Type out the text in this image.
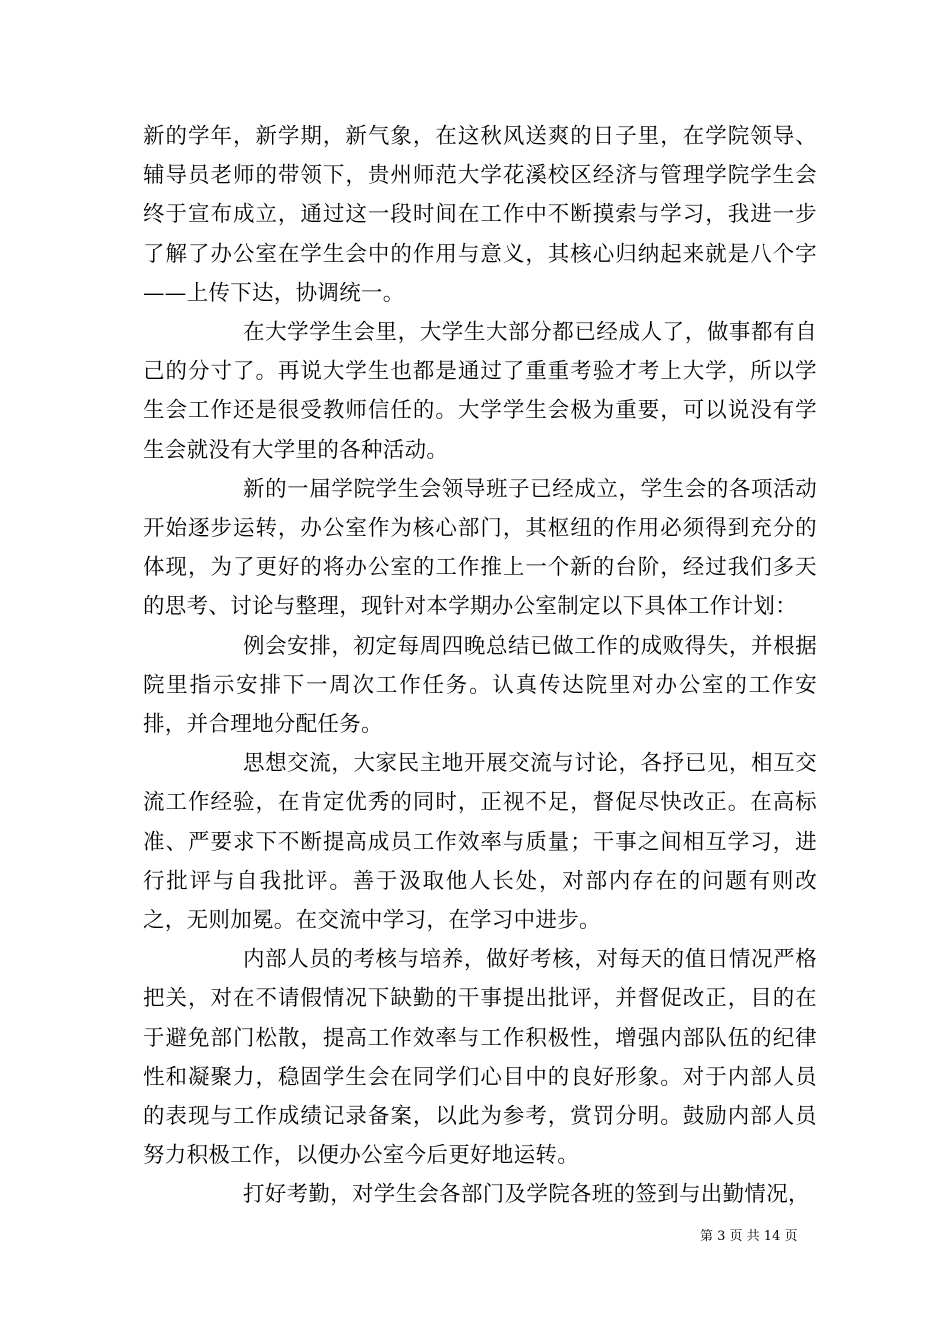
新的学年，新学期，新气象，在这秋风送爽的日子里，在学院领导、辅导员老师的带领下，贵州师范大学花溪校区经济与管理学院学生会终于宣布成立，通过这一段时间在工作中不断摸索与学习，我进一步了解了办公室在学生会中的作用与意义，其核心归纳起来就是八个字——上传下达，协调统一。

在大学学生会里，大学生大部分都已经成人了，做事都有自己的分寸了。再说大学生也都是通过了重重考验才考上大学，所以学生会工作还是很受教师信任的。大学学生会极为重要，可以说没有学生会就没有大学里的各种活动。

新的一届学院学生会领导班子已经成立，学生会的各项活动开始逐步运转，办公室作为核心部门，其枢纽的作用必须得到充分的体现，为了更好的将办公室的工作推上一个新的台阶，经过我们多天的思考、讨论与整理，现针对本学期办公室制定以下具体工作计划：

例会安排，初定每周四晚总结已做工作的成败得失，并根据院里指示安排下一周次工作任务。认真传达院里对办公室的工作安排，并合理地分配任务。

思想交流，大家民主地开展交流与讨论，各抒已见，相互交流工作经验，在肯定优秀的同时，正视不足，督促尽快改正。在高标准、严要求下不断提高成员工作效率与质量；干事之间相互学习，进行批评与自我批评。善于汲取他人长处，对部内存在的问题有则改之，无则加冕。在交流中学习，在学习中进步。

内部人员的考核与培养，做好考核，对每天的值日情况严格把关，对在不请假情况下缺勤的干事提出批评，并督促改正，目的在于避免部门松散，提高工作效率与工作积极性，增强内部队伍的纪律性和凝聚力，稳固学生会在同学们心目中的良好形象。对于内部人员的表现与工作成绩记录备案，以此为参考，赏罚分明。鼓励内部人员努力积极工作，以便办公室今后更好地运转。

打好考勤，对学生会各部门及学院各班的签到与出勤情况，

第 3 页 共 14 页
